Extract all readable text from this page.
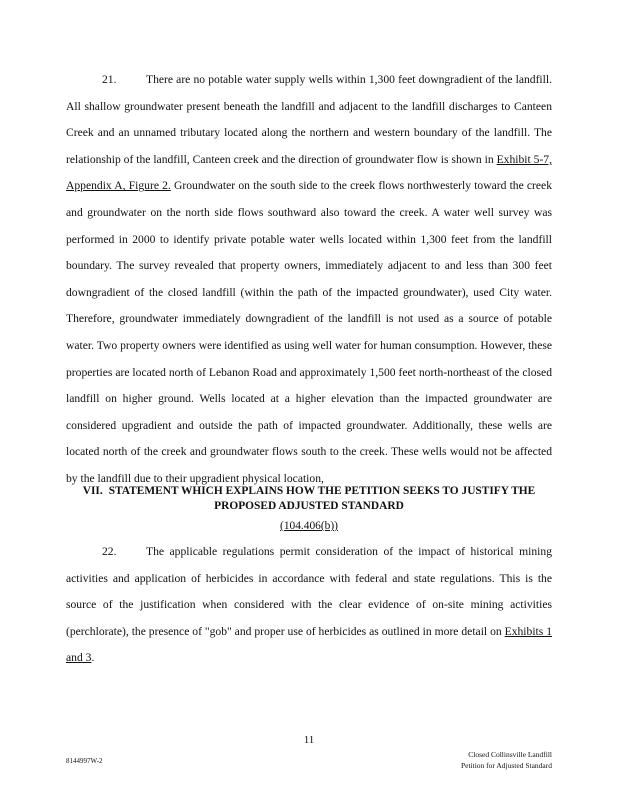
21.	There are no potable water supply wells within 1,300 feet downgradient of the landfill. All shallow groundwater present beneath the landfill and adjacent to the landfill discharges to Canteen Creek and an unnamed tributary located along the northern and western boundary of the landfill. The relationship of the landfill, Canteen creek and the direction of groundwater flow is shown in Exhibit 5-7, Appendix A, Figure 2. Groundwater on the south side to the creek flows northwesterly toward the creek and groundwater on the north side flows southward also toward the creek. A water well survey was performed in 2000 to identify private potable water wells located within 1,300 feet from the landfill boundary. The survey revealed that property owners, immediately adjacent to and less than 300 feet downgradient of the closed landfill (within the path of the impacted groundwater), used City water. Therefore, groundwater immediately downgradient of the landfill is not used as a source of potable water. Two property owners were identified as using well water for human consumption. However, these properties are located north of Lebanon Road and approximately 1,500 feet north-northeast of the closed landfill on higher ground. Wells located at a higher elevation than the impacted groundwater are considered upgradient and outside the path of impacted groundwater. Additionally, these wells are located north of the creek and groundwater flows south to the creek. These wells would not be affected by the landfill due to their upgradient physical location,

VII. STATEMENT WHICH EXPLAINS HOW THE PETITION SEEKS TO JUSTIFY THE PROPOSED ADJUSTED STANDARD

(104.406(b))

22.	The applicable regulations permit consideration of the impact of historical mining activities and application of herbicides in accordance with federal and state regulations. This is the source of the justification when considered with the clear evidence of on-site mining activities (perchlorate), the presence of "gob" and proper use of herbicides as outlined in more detail on Exhibits 1 and 3.

11
8144997W-2
Closed Collinsville Landfill
Petition for Adjusted Standard
